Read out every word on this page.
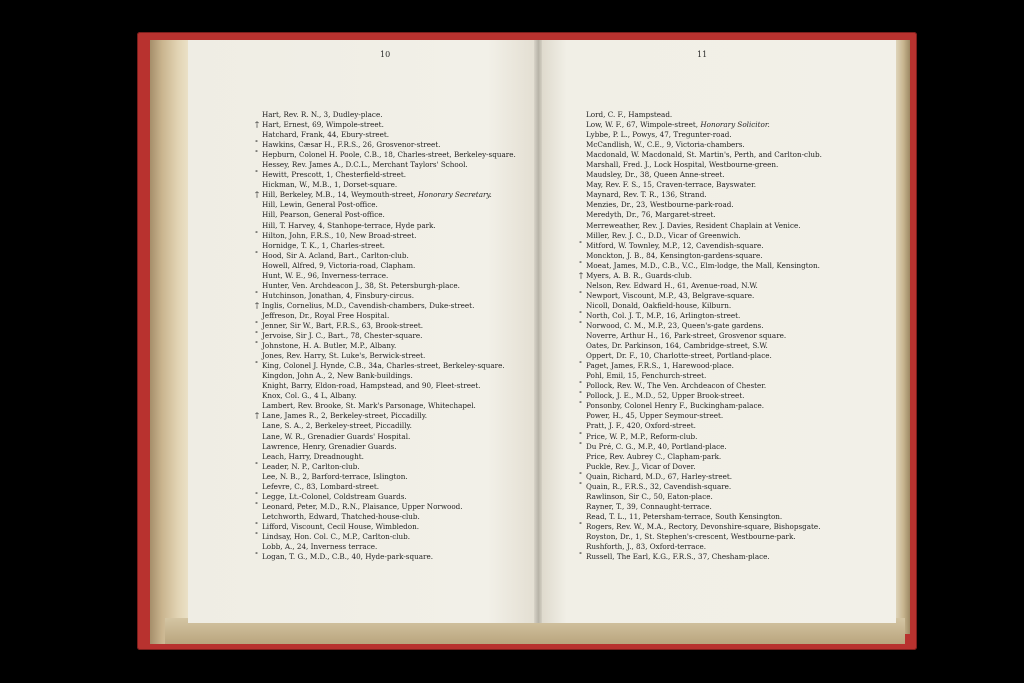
10	11
Hart, Rev. R. N., 3, Dudley-place.
† Hart, Ernest, 69, Wimpole-street.
Hatchard, Frank, 44, Ebury-street.
° Hawkins, Cæsar H., F.R.S., 26, Grosvenor-street.
° Hepburn, Colonel H. Poole, C.B., 18, Charles-street, Berkeley-square.
Hessey, Rev. James A., D.C.L., Merchant Taylors' School.
° Hewitt, Prescott, 1, Chesterfield-street.
Hickman, W., M.B., 1, Dorset-square.
† Hill, Berkeley, M.B., 14, Weymouth-street, Honorary Secretary.
Hill, Lewin, General Post-office.
Hill, Pearson, General Post-office.
Hill, T. Harvey, 4, Stanhope-terrace, Hyde park.
° Hilton, John, F.R.S., 10, New Broad-street.
Hornidge, T. K., 1, Charles-street.
° Hood, Sir A. Acland, Bart., Carlton-club.
Howell, Alfred, 9, Victoria-road, Clapham.
Hunt, W. E., 96, Inverness-terrace.
Hunter, Ven. Archdeacon J., 38, St. Petersburgh-place.
° Hutchinson, Jonathan, 4, Finsbury-circus.
† Inglis, Cornelius, M.D., Cavendish-chambers, Duke-street.
Jeffreson, Dr., Royal Free Hospital.
° Jenner, Sir W., Bart, F.R.S., 63, Brook-street.
° Jervoise, Sir J. C., Bart., 78, Chester-square.
° Johnstone, H. A. Butler, M.P., Albany.
Jones, Rev. Harry, St. Luke's, Berwick-street.
° King, Colonel J. Hynde, C.B., 34a, Charles-street, Berkeley-square.
Kingdon, John A., 2, New Bank-buildings.
Knight, Barry, Eldon-road, Hampstead, and 90, Fleet-street.
Knox, Col. G., 4 L, Albany.
Lambert, Rev. Brooke, St. Mark's Parsonage, Whitechapel.
† Lane, James R., 2, Berkeley-street, Piccadilly.
Lane, S. A., 2, Berkeley-street, Piccadilly.
Lane, W. R., Grenadier Guards' Hospital.
Lawrence, Henry, Grenadier Guards.
Leach, Harry, Dreadnought.
° Leader, N. P., Carlton-club.
Lee, N. B., 2, Barford-terrace, Islington.
Lefevre, C., 83, Lombard-street.
° Legge, Lt.-Colonel, Coldstream Guards.
° Leonard, Peter, M.D., R.N., Plaisance, Upper Norwood.
Letchworth, Edward, Thatched-house-club.
° Lifford, Viscount, Cecil House, Wimbledon.
° Lindsay, Hon. Col. C., M.P., Carlton-club.
Lobb, A., 24, Inverness terrace.
° Logan, T. G., M.D., C.B., 40, Hyde-park-square.
Lord, C. F., Hampstead.
Low, W. F., 67, Wimpole-street, Honorary Solicitor.
Lybbe, P. L., Powys, 47, Tregunter-road.
McCandlish, W., C.E., 9, Victoria-chambers.
Macdonald, W. Macdonald, St. Martin's, Perth, and Carlton-club.
Marshall, Fred. J., Lock Hospital, Westbourne-green.
Maudsley, Dr., 38, Queen Anne-street.
May, Rev. F. S., 15, Craven-terrace, Bayswater.
Maynard, Rev. T. R., 136, Strand.
Menzies, Dr., 23, Westbourne-park-road.
Meredyth, Dr., 76, Margaret-street.
Merreweather, Rev. J. Davies, Resident Chaplain at Venice.
Miller, Rev. J. C., D.D., Vicar of Greenwich.
° Mitford, W. Townley, M.P., 12, Cavendish-square.
Monckton, J. B., 84, Kensington-gardens-square.
° Moeat, James, M.D., C.B., V.C., Elm-lodge, the Mall, Kensington.
† Myers, A. B. R., Guards-club.
Nelson, Rev. Edward H., 61, Avenue-road, N.W.
° Newport, Viscount, M.P., 43, Belgrave-square.
Nicoll, Donald, Oakfield-house, Kilburn.
° North, Col. J. T., M.P., 16, Arlington-street.
° Norwood, C. M., M.P., 23, Queen's-gate gardens.
Noverre, Arthur H., 16, Park-street, Grosvenor square.
Oates, Dr. Parkinson, 164, Cambridge-street, S.W.
Oppert, Dr. F., 10, Charlotte-street, Portland-place.
° Paget, James, F.R.S., 1, Harewood-place.
Pohl, Emil, 15, Fenchurch-street.
° Pollock, Rev. W., The Ven. Archdeacon of Chester.
° Pollock, J. E., M.D., 52, Upper Brook-street.
° Ponsonby, Colonel Henry F., Buckingham-palace.
Power, H., 45, Upper Seymour-street.
Pratt, J. F., 420, Oxford-street.
° Price, W. P., M.P., Reform-club.
° Du Pré, C. G., M.P., 40, Portland-place.
Price, Rev. Aubrey C., Clapham-park.
Puckle, Rev. J., Vicar of Dover.
° Quain, Richard, M.D., 67, Harley-street.
° Quain, R., F.R.S., 32, Cavendish-square.
Rawlinson, Sir C., 50, Eaton-place.
Rayner, T., 39, Connaught-terrace.
Read, T. L., 11, Petersham-terrace, South Kensington.
° Rogers, Rev. W., M.A., Rectory, Devonshire-square, Bishopsgate.
Royston, Dr., 1, St. Stephen's-crescent, Westbourne-park.
Rushforth, J., 83, Oxford-terrace.
° Russell, The Earl, K.G., F.R.S., 37, Chesham-place.
